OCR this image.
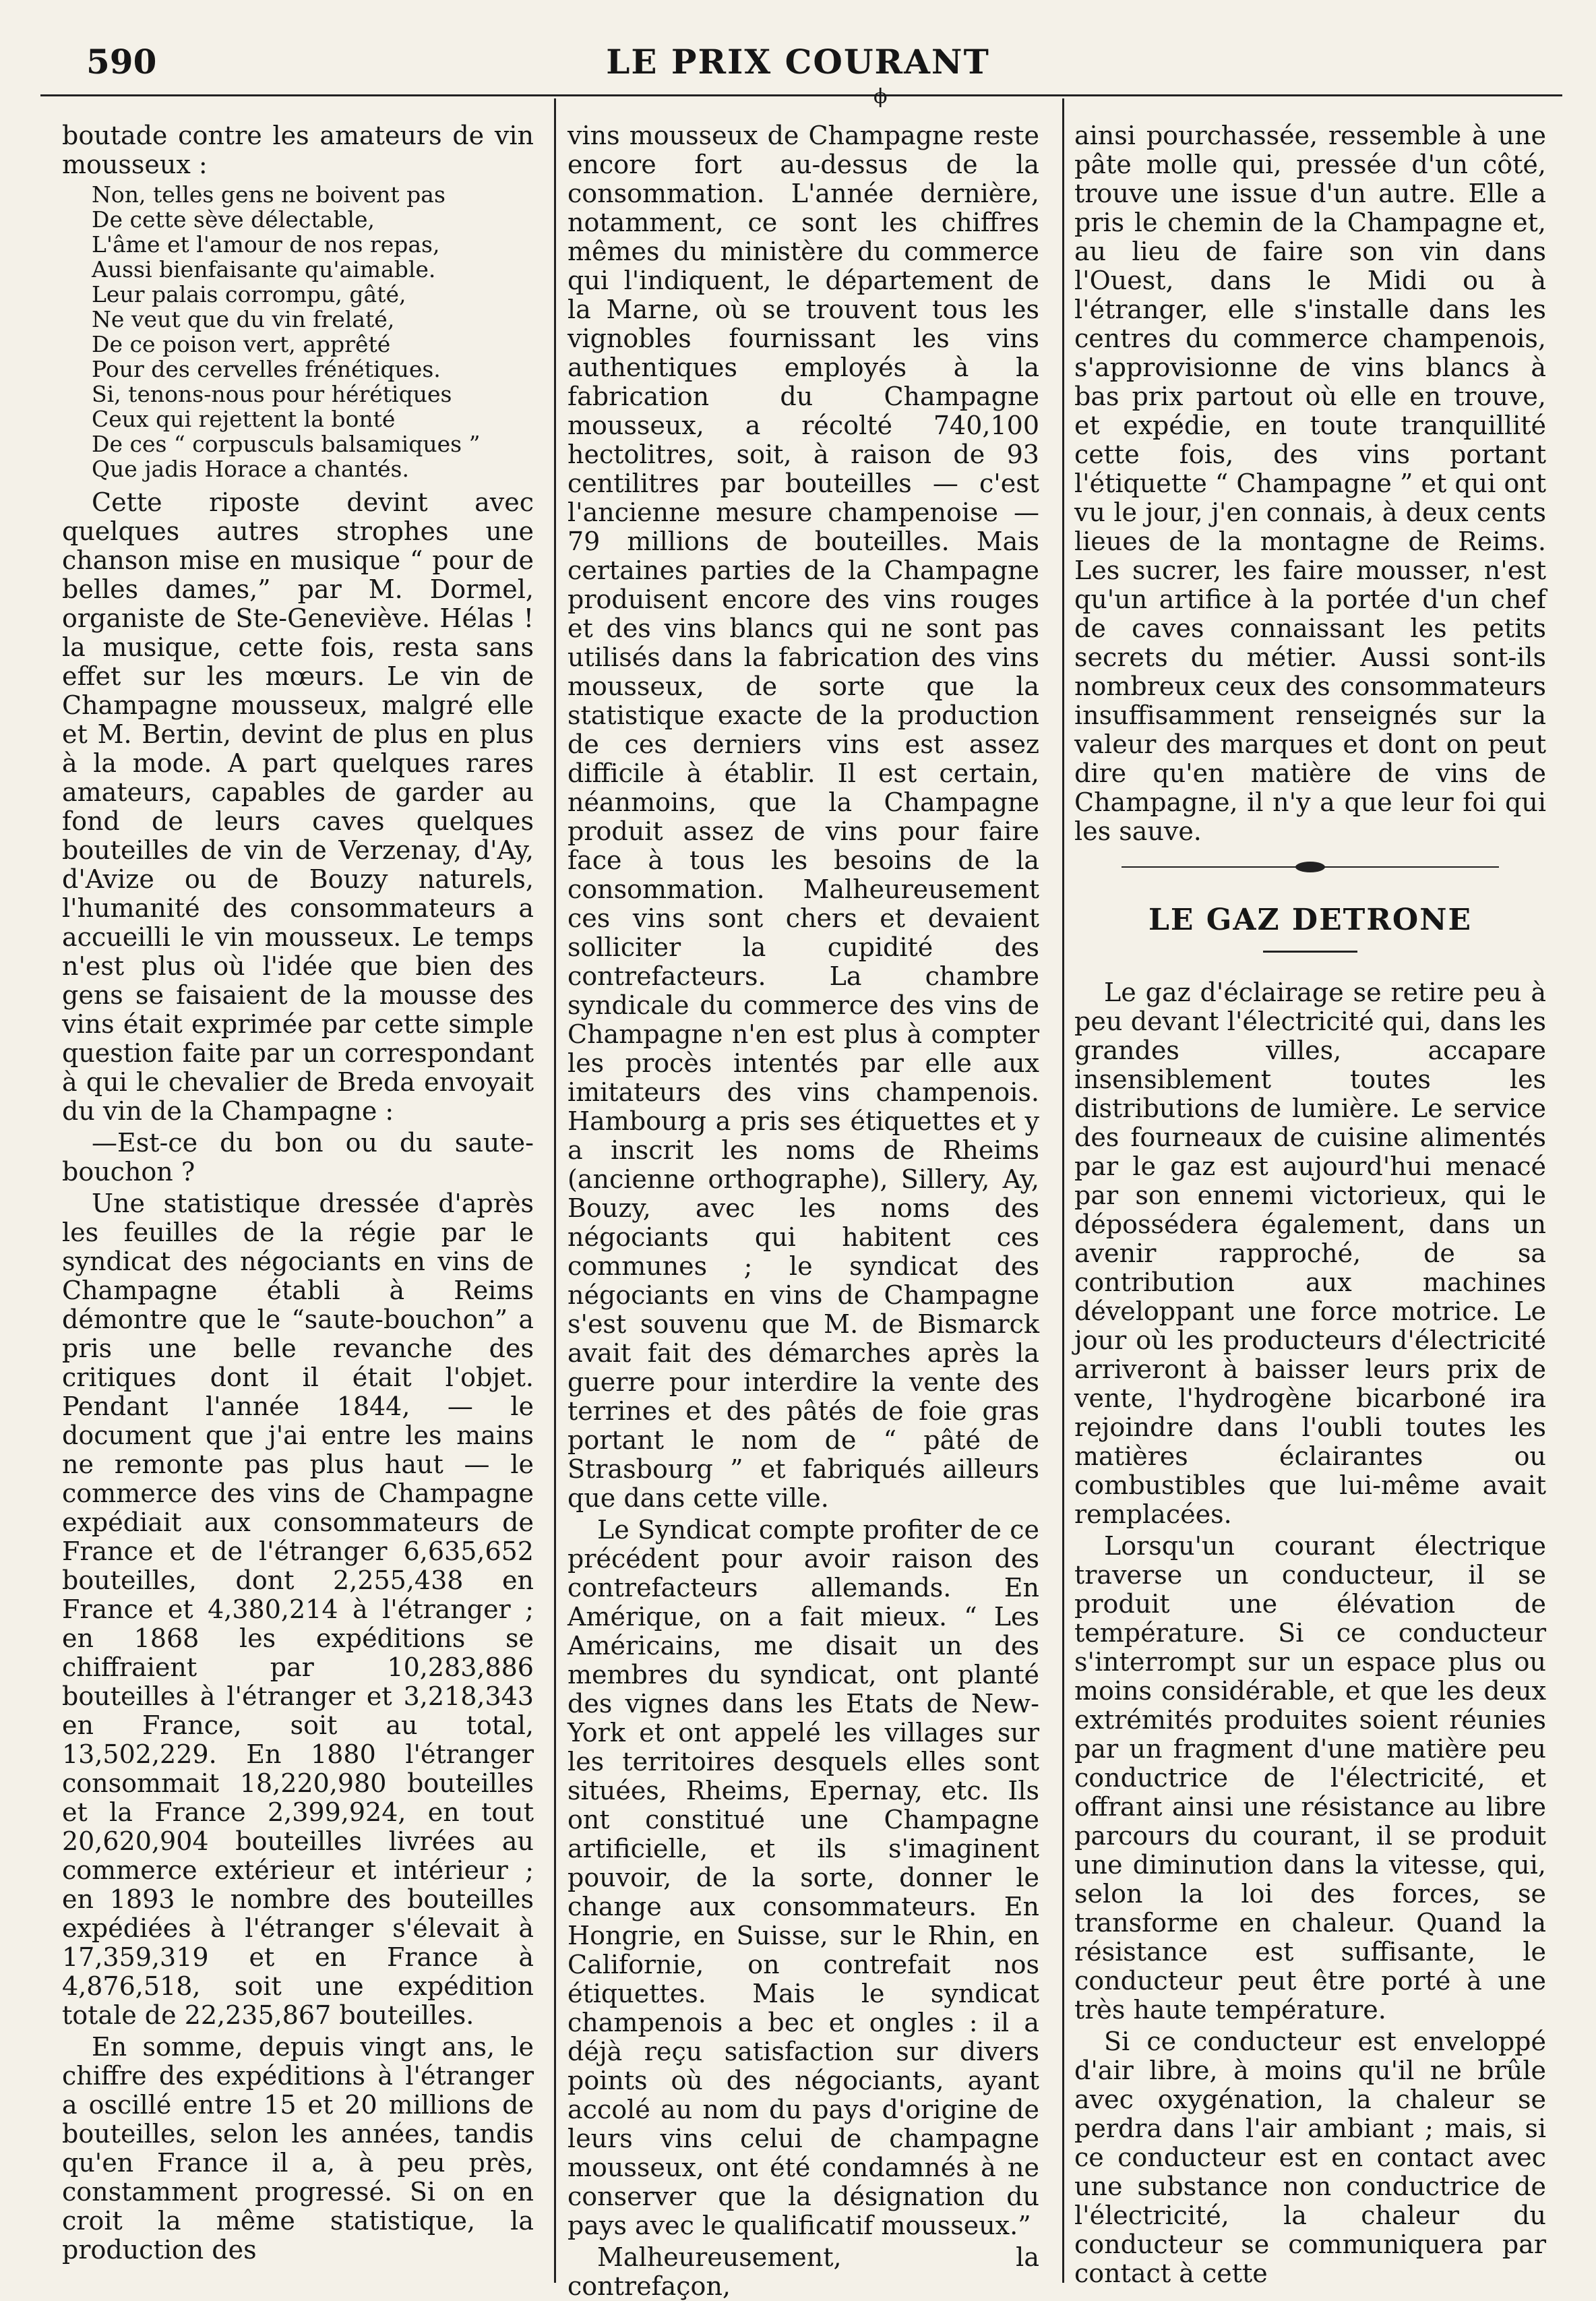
590	LE PRIX COURANT
ϕ

boutade contre les amateurs de vin mousseux :

Non, telles gens ne boivent pas
De cette sève délectable,
L'âme et l'amour de nos repas,
Aussi bienfaisante qu'aimable.
Leur palais corrompu, gâté,
Ne veut que du vin frelaté,
De ce poison vert, apprêté
Pour des cervelles frénétiques.
Si, tenons-nous pour hérétiques
Ceux qui rejettent la bonté
De ces “ corpusculs balsamiques ”
Que jadis Horace a chantés.

Cette riposte devint avec quelques autres strophes une chanson mise en musique “ pour de belles dames,” par M. Dormel, organiste de Ste-Geneviève. Hélas ! la musique, cette fois, resta sans effet sur les mœurs. Le vin de Champagne mousseux, malgré elle et M. Bertin, devint de plus en plus à la mode. A part quelques rares amateurs, capables de garder au fond de leurs caves quelques bouteilles de vin de Verzenay, d'Ay, d'Avize ou de Bouzy naturels, l'humanité des consommateurs a accueilli le vin mousseux. Le temps n'est plus où l'idée que bien des gens se faisaient de la mousse des vins était exprimée par cette simple question faite par un correspondant à qui le chevalier de Breda envoyait du vin de la Champagne :

—Est-ce du bon ou du saute-bouchon ?

Une statistique dressée d'après les feuilles de la régie par le syndicat des négociants en vins de Champagne établi à Reims démontre que le “saute-bouchon” a pris une belle revanche des critiques dont il était l'objet. Pendant l'année 1844, — le document que j'ai entre les mains ne remonte pas plus haut — le commerce des vins de Champagne expédiait aux consommateurs de France et de l'étranger 6,635,652 bouteilles, dont 2,255,438 en France et 4,380,214 à l'étranger ; en 1868 les expéditions se chiffraient par 10,283,886 bouteilles à l'étranger et 3,218,343 en France, soit au total, 13,502,229. En 1880 l'étranger consommait 18,220,980 bouteilles et la France 2,399,924, en tout 20,620,904 bouteilles livrées au commerce extérieur et intérieur ; en 1893 le nombre des bouteilles expédiées à l'étranger s'élevait à 17,359,319 et en France à 4,876,518, soit une expédition totale de 22,235,867 bouteilles.

En somme, depuis vingt ans, le chiffre des expéditions à l'étranger a oscillé entre 15 et 20 millions de bouteilles, selon les années, tandis qu'en France il a, à peu près, constamment progressé. Si on en croit la même statistique, la production des

vins mousseux de Champagne reste encore fort au-dessus de la consommation. L'année dernière, notamment, ce sont les chiffres mêmes du ministère du commerce qui l'indiquent, le département de la Marne, où se trouvent tous les vignobles fournissant les vins authentiques employés à la fabrication du Champagne mousseux, a récolté 740,100 hectolitres, soit, à raison de 93 centilitres par bouteilles — c'est l'ancienne mesure champenoise — 79 millions de bouteilles. Mais certaines parties de la Champagne produisent encore des vins rouges et des vins blancs qui ne sont pas utilisés dans la fabrication des vins mousseux, de sorte que la statistique exacte de la production de ces derniers vins est assez difficile à établir. Il est certain, néanmoins, que la Champagne produit assez de vins pour faire face à tous les besoins de la consommation. Malheureusement ces vins sont chers et devaient solliciter la cupidité des contrefacteurs. La chambre syndicale du commerce des vins de Champagne n'en est plus à compter les procès intentés par elle aux imitateurs des vins champenois. Hambourg a pris ses étiquettes et y a inscrit les noms de Rheims (ancienne orthographe), Sillery, Ay, Bouzy, avec les noms des négociants qui habitent ces communes ; le syndicat des négociants en vins de Champagne s'est souvenu que M. de Bismarck avait fait des démarches après la guerre pour interdire la vente des terrines et des pâtés de foie gras portant le nom de “ pâté de Strasbourg ” et fabriqués ailleurs que dans cette ville.

Le Syndicat compte profiter de ce précédent pour avoir raison des contrefacteurs allemands. En Amérique, on a fait mieux. “ Les Américains, me disait un des membres du syndicat, ont planté des vignes dans les Etats de New-York et ont appelé les villages sur les territoires desquels elles sont situées, Rheims, Epernay, etc. Ils ont constitué une Champagne artificielle, et ils s'imaginent pouvoir, de la sorte, donner le change aux consommateurs. En Hongrie, en Suisse, sur le Rhin, en Californie, on contrefait nos étiquettes. Mais le syndicat champenois a bec et ongles : il a déjà reçu satisfaction sur divers points où des négociants, ayant accolé au nom du pays d'origine de leurs vins celui de champagne mousseux, ont été condamnés à ne conserver que la désignation du pays avec le qualificatif mousseux.”

Malheureusement, la contrefaçon,

ainsi pourchassée, ressemble à une pâte molle qui, pressée d'un côté, trouve une issue d'un autre. Elle a pris le chemin de la Champagne et, au lieu de faire son vin dans l'Ouest, dans le Midi ou à l'étranger, elle s'installe dans les centres du commerce champenois, s'approvisionne de vins blancs à bas prix partout où elle en trouve, et expédie, en toute tranquillité cette fois, des vins portant l'étiquette “ Champagne ” et qui ont vu le jour, j'en connais, à deux cents lieues de la montagne de Reims. Les sucrer, les faire mousser, n'est qu'un artifice à la portée d'un chef de caves connaissant les petits secrets du métier. Aussi sont-ils nombreux ceux des consommateurs insuffisamment renseignés sur la valeur des marques et dont on peut dire qu'en matière de vins de Champagne, il n'y a que leur foi qui les sauve.

LE GAZ DETRONE

Le gaz d'éclairage se retire peu à peu devant l'électricité qui, dans les grandes villes, accapare insensiblement toutes les distributions de lumière. Le service des fourneaux de cuisine alimentés par le gaz est aujourd'hui menacé par son ennemi victorieux, qui le dépossédera également, dans un avenir rapproché, de sa contribution aux machines développant une force motrice. Le jour où les producteurs d'électricité arriveront à baisser leurs prix de vente, l'hydrogène bicarboné ira rejoindre dans l'oubli toutes les matières éclairantes ou combustibles que lui-même avait remplacées.

Lorsqu'un courant électrique traverse un conducteur, il se produit une élévation de température. Si ce conducteur s'interrompt sur un espace plus ou moins considérable, et que les deux extrémités produites soient réunies par un fragment d'une matière peu conductrice de l'électricité, et offrant ainsi une résistance au libre parcours du courant, il se produit une diminution dans la vitesse, qui, selon la loi des forces, se transforme en chaleur. Quand la résistance est suffisante, le conducteur peut être porté à une très haute température.

Si ce conducteur est enveloppé d'air libre, à moins qu'il ne brûle avec oxygénation, la chaleur se perdra dans l'air ambiant ; mais, si ce conducteur est en contact avec une substance non conductrice de l'électricité, la chaleur du conducteur se communiquera par contact à cette
